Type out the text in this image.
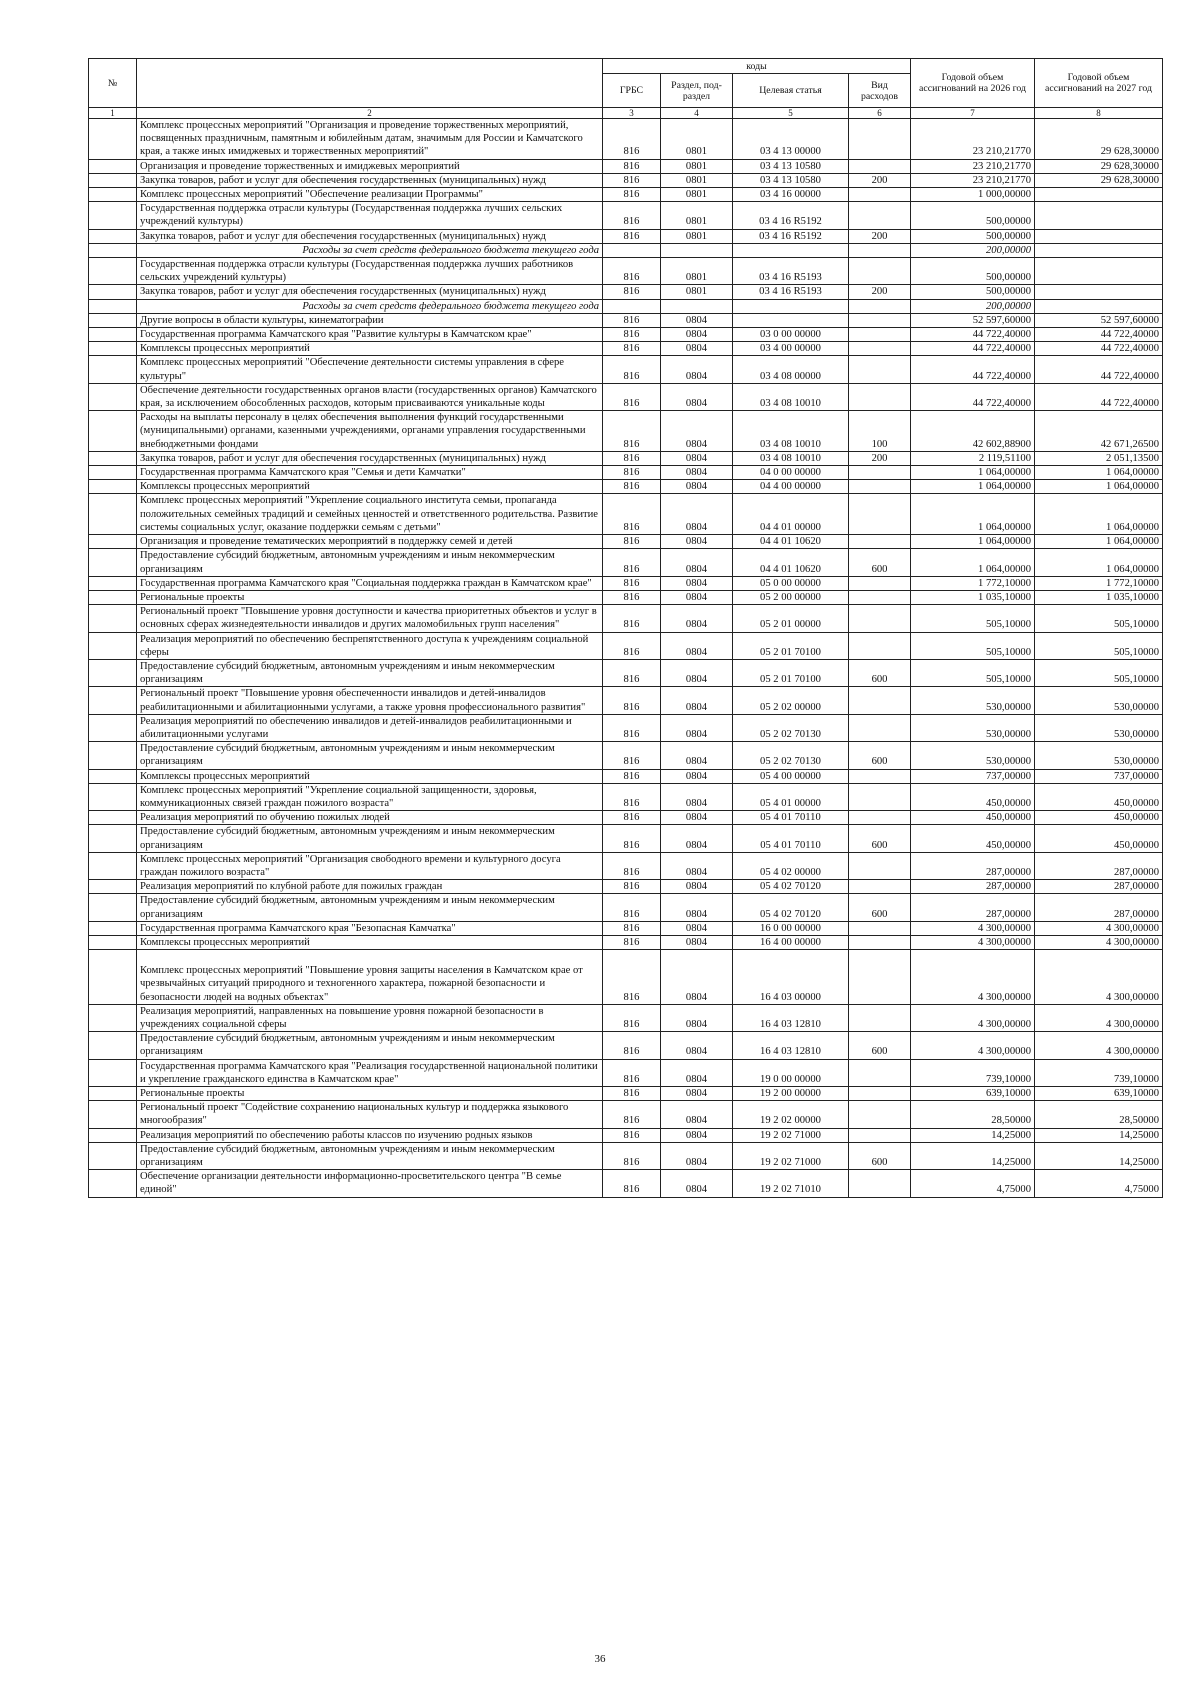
№		коды				Годовой объем ассигнований на 2026 год	Годовой объем ассигнований на 2027 год
		ГРБС	Раздел, под-раздел	Целевая статья	Вид расходов		
1	2	3	4	5	6	7	8
	Комплекс процессных мероприятий "Организация и проведение торжественных мероприятий, посвященных праздничным, памятным и юбилейным датам, значимым для России и Камчатского края, а также иных имиджевых и торжественных мероприятий"	816	0801	03 4 13 00000		23 210,21770	29 628,30000
	Организация и проведение торжественных и имиджевых мероприятий	816	0801	03 4 13 10580		23 210,21770	29 628,30000
	Закупка товаров, работ и услуг для обеспечения государственных (муниципальных) нужд	816	0801	03 4 13 10580	200	23 210,21770	29 628,30000
	Комплекс процессных мероприятий "Обеспечение реализации Программы"	816	0801	03 4 16 00000		1 000,00000	
	Государственная поддержка отрасли культуры (Государственная поддержка лучших сельских учреждений культуры)	816	0801	03 4 16 R5192		500,00000	
	Закупка товаров, работ и услуг для обеспечения государственных (муниципальных) нужд	816	0801	03 4 16 R5192	200	500,00000	
	Расходы за счет средств федерального бюджета текущего года					200,00000	
	Государственная поддержка отрасли культуры (Государственная поддержка лучших работников сельских учреждений культуры)	816	0801	03 4 16 R5193		500,00000	
	Закупка товаров, работ и услуг для обеспечения государственных (муниципальных) нужд	816	0801	03 4 16 R5193	200	500,00000	
	Расходы за счет средств федерального бюджета текущего года					200,00000	
	Другие вопросы в области культуры, кинематографии	816	0804			52 597,60000	52 597,60000
	Государственная программа Камчатского края "Развитие культуры в Камчатском крае"	816	0804	03 0 00 00000		44 722,40000	44 722,40000
	Комплексы процессных мероприятий	816	0804	03 4 00 00000		44 722,40000	44 722,40000
	Комплекс процессных мероприятий "Обеспечение деятельности системы управления в сфере культуры"	816	0804	03 4 08 00000		44 722,40000	44 722,40000
	Обеспечение деятельности государственных органов власти (государственных органов) Камчатского края, за исключением обособленных расходов, которым присваиваются уникальные коды	816	0804	03 4 08 10010		44 722,40000	44 722,40000
	Расходы на выплаты персоналу в целях обеспечения выполнения функций государственными (муниципальными) органами, казенными учреждениями, органами управления государственными внебюджетными фондами	816	0804	03 4 08 10010	100	42 602,88900	42 671,26500
	Закупка товаров, работ и услуг для обеспечения государственных (муниципальных) нужд	816	0804	03 4 08 10010	200	2 119,51100	2 051,13500
	Государственная программа Камчатского края "Семья и дети Камчатки"	816	0804	04 0 00 00000		1 064,00000	1 064,00000
	Комплексы процессных мероприятий	816	0804	04 4 00 00000		1 064,00000	1 064,00000
	Комплекс процессных мероприятий "Укрепление социального института семьи, пропаганда положительных семейных традиций и семейных ценностей и ответственного родительства. Развитие системы социальных услуг, оказание поддержки семьям с детьми"	816	0804	04 4 01 00000		1 064,00000	1 064,00000
	Организация и проведение тематических мероприятий в поддержку семей и детей	816	0804	04 4 01 10620		1 064,00000	1 064,00000
	Предоставление субсидий бюджетным, автономным учреждениям и иным некоммерческим организациям	816	0804	04 4 01 10620	600	1 064,00000	1 064,00000
	Государственная программа Камчатского края "Социальная поддержка граждан в Камчатском крае"	816	0804	05 0 00 00000		1 772,10000	1 772,10000
	Региональные проекты	816	0804	05 2 00 00000		1 035,10000	1 035,10000
	Региональный проект "Повышение уровня доступности и качества приоритетных объектов и услуг в основных сферах жизнедеятельности инвалидов и других маломобильных групп населения"	816	0804	05 2 01 00000		505,10000	505,10000
	Реализация мероприятий по обеспечению беспрепятственного доступа к учреждениям социальной сферы	816	0804	05 2 01 70100		505,10000	505,10000
	Предоставление субсидий бюджетным, автономным учреждениям и иным некоммерческим организациям	816	0804	05 2 01 70100	600	505,10000	505,10000
	Региональный проект "Повышение уровня обеспеченности инвалидов и детей-инвалидов реабилитационными и абилитационными услугами, а также уровня профессионального развития"	816	0804	05 2 02 00000		530,00000	530,00000
	Реализация мероприятий по обеспечению инвалидов и детей-инвалидов реабилитационными и абилитационными услугами	816	0804	05 2 02 70130		530,00000	530,00000
	Предоставление субсидий бюджетным, автономным учреждениям и иным некоммерческим организациям	816	0804	05 2 02 70130	600	530,00000	530,00000
	Комплексы процессных мероприятий	816	0804	05 4 00 00000		737,00000	737,00000
	Комплекс процессных мероприятий "Укрепление социальной защищенности, здоровья, коммуникационных связей граждан пожилого возраста"	816	0804	05 4 01 00000		450,00000	450,00000
	Реализация мероприятий по обучению пожилых людей	816	0804	05 4 01 70110		450,00000	450,00000
	Предоставление субсидий бюджетным, автономным учреждениям и иным некоммерческим организациям	816	0804	05 4 01 70110	600	450,00000	450,00000
	Комплекс процессных мероприятий "Организация свободного времени и культурного досуга граждан пожилого возраста"	816	0804	05 4 02 00000		287,00000	287,00000
	Реализация мероприятий по клубной работе для пожилых граждан	816	0804	05 4 02 70120		287,00000	287,00000
	Предоставление субсидий бюджетным, автономным учреждениям и иным некоммерческим организациям	816	0804	05 4 02 70120	600	287,00000	287,00000
	Государственная программа Камчатского края "Безопасная Камчатка"	816	0804	16 0 00 00000		4 300,00000	4 300,00000
	Комплексы процессных мероприятий	816	0804	16 4 00 00000		4 300,00000	4 300,00000
	Комплекс процессных мероприятий "Повышение уровня защиты населения в Камчатском крае от чрезвычайных ситуаций природного и техногенного характера, пожарной безопасности и безопасности людей на водных объектах"	816	0804	16 4 03 00000		4 300,00000	4 300,00000
	Реализация мероприятий, направленных на повышение уровня пожарной безопасности в учреждениях социальной сферы	816	0804	16 4 03 12810		4 300,00000	4 300,00000
	Предоставление субсидий бюджетным, автономным учреждениям и иным некоммерческим организациям	816	0804	16 4 03 12810	600	4 300,00000	4 300,00000
	Государственная программа Камчатского края "Реализация государственной национальной политики и укрепление гражданского единства в Камчатском крае"	816	0804	19 0 00 00000		739,10000	739,10000
	Региональные проекты	816	0804	19 2 00 00000		639,10000	639,10000
	Региональный проект "Содействие сохранению национальных культур и поддержка языкового многообразия"	816	0804	19 2 02 00000		28,50000	28,50000
	Реализация мероприятий по обеспечению работы классов по изучению родных языков	816	0804	19 2 02 71000		14,25000	14,25000
	Предоставление субсидий бюджетным, автономным учреждениям и иным некоммерческим организациям	816	0804	19 2 02 71000	600	14,25000	14,25000
	Обеспечение организации деятельности информационно-просветительского центра "В семье единой"	816	0804	19 2 02 71010		4,75000	4,75000
36
